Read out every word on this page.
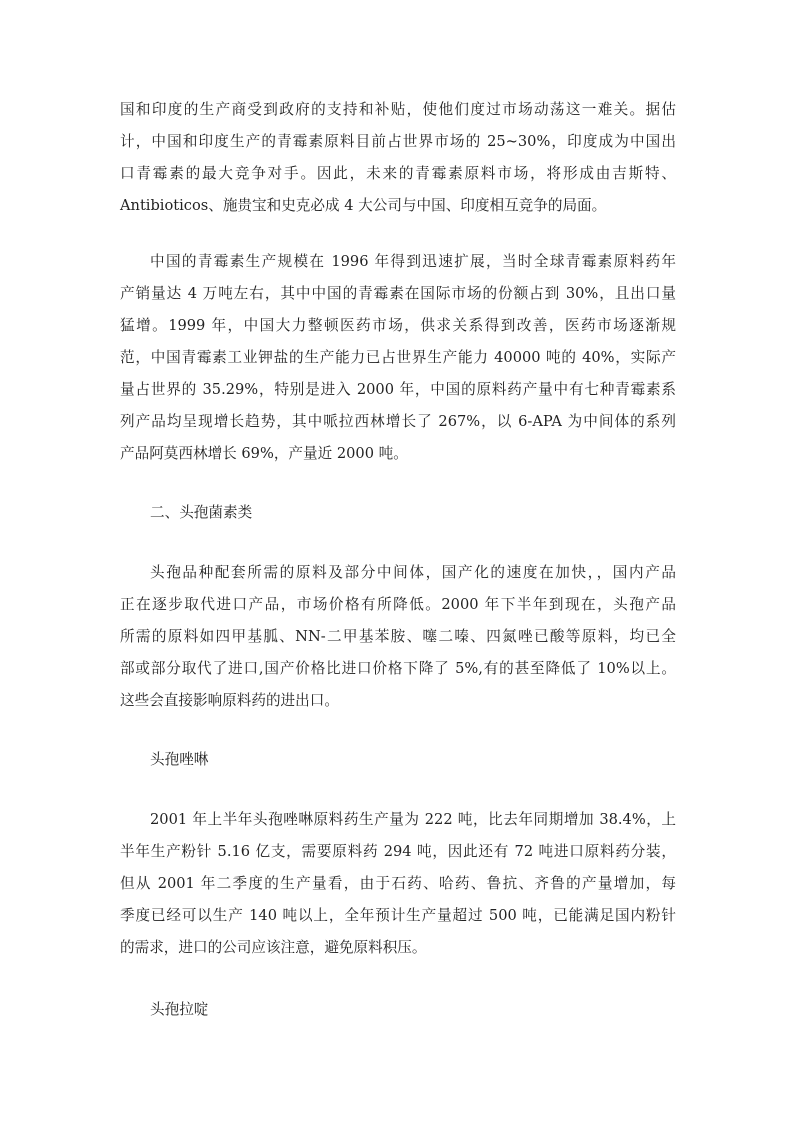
国和印度的生产商受到政府的支持和补贴，使他们度过市场动荡这一难关。据估
计，中国和印度生产的青霉素原料目前占世界市场的 25~30%，印度成为中国出
口青霉素的最大竞争对手。因此，未来的青霉素原料市场，将形成由吉斯特、
Antibioticos、施贵宝和史克必成 4 大公司与中国、印度相互竞争的局面。
中国的青霉素生产规模在 1996 年得到迅速扩展，当时全球青霉素原料药年
产销量达 4 万吨左右，其中中国的青霉素在国际市场的份额占到 30%，且出口量
猛增。1999 年，中国大力整顿医药市场，供求关系得到改善，医药市场逐渐规
范，中国青霉素工业钾盐的生产能力已占世界生产能力 40000 吨的 40%，实际产
量占世界的 35.29%，特别是进入 2000 年，中国的原料药产量中有七种青霉素系
列产品均呈现增长趋势，其中哌拉西林增长了 267%，以 6-APA 为中间体的系列
产品阿莫西林增长 69%，产量近 2000 吨。
二、头孢菌素类
头孢品种配套所需的原料及部分中间体，国产化的速度在加快，，国内产品
正在逐步取代进口产品，市场价格有所降低。2000 年下半年到现在，头孢产品
所需的原料如四甲基胍、NN-二甲基苯胺、噻二嗪、四氮唑已酸等原料，均已全
部或部分取代了进口,国产价格比进口价格下降了 5%,有的甚至降低了 10%以上。
这些会直接影响原料药的进出口。
头孢唑啉
2001 年上半年头孢唑啉原料药生产量为 222 吨，比去年同期增加 38.4%，上
半年生产粉针 5.16 亿支，需要原料药 294 吨，因此还有 72 吨进口原料药分装，
但从 2001 年二季度的生产量看，由于石药、哈药、鲁抗、齐鲁的产量增加，每
季度已经可以生产 140 吨以上，全年预计生产量超过 500 吨，已能满足国内粉针
的需求，进口的公司应该注意，避免原料积压。
头孢拉啶
